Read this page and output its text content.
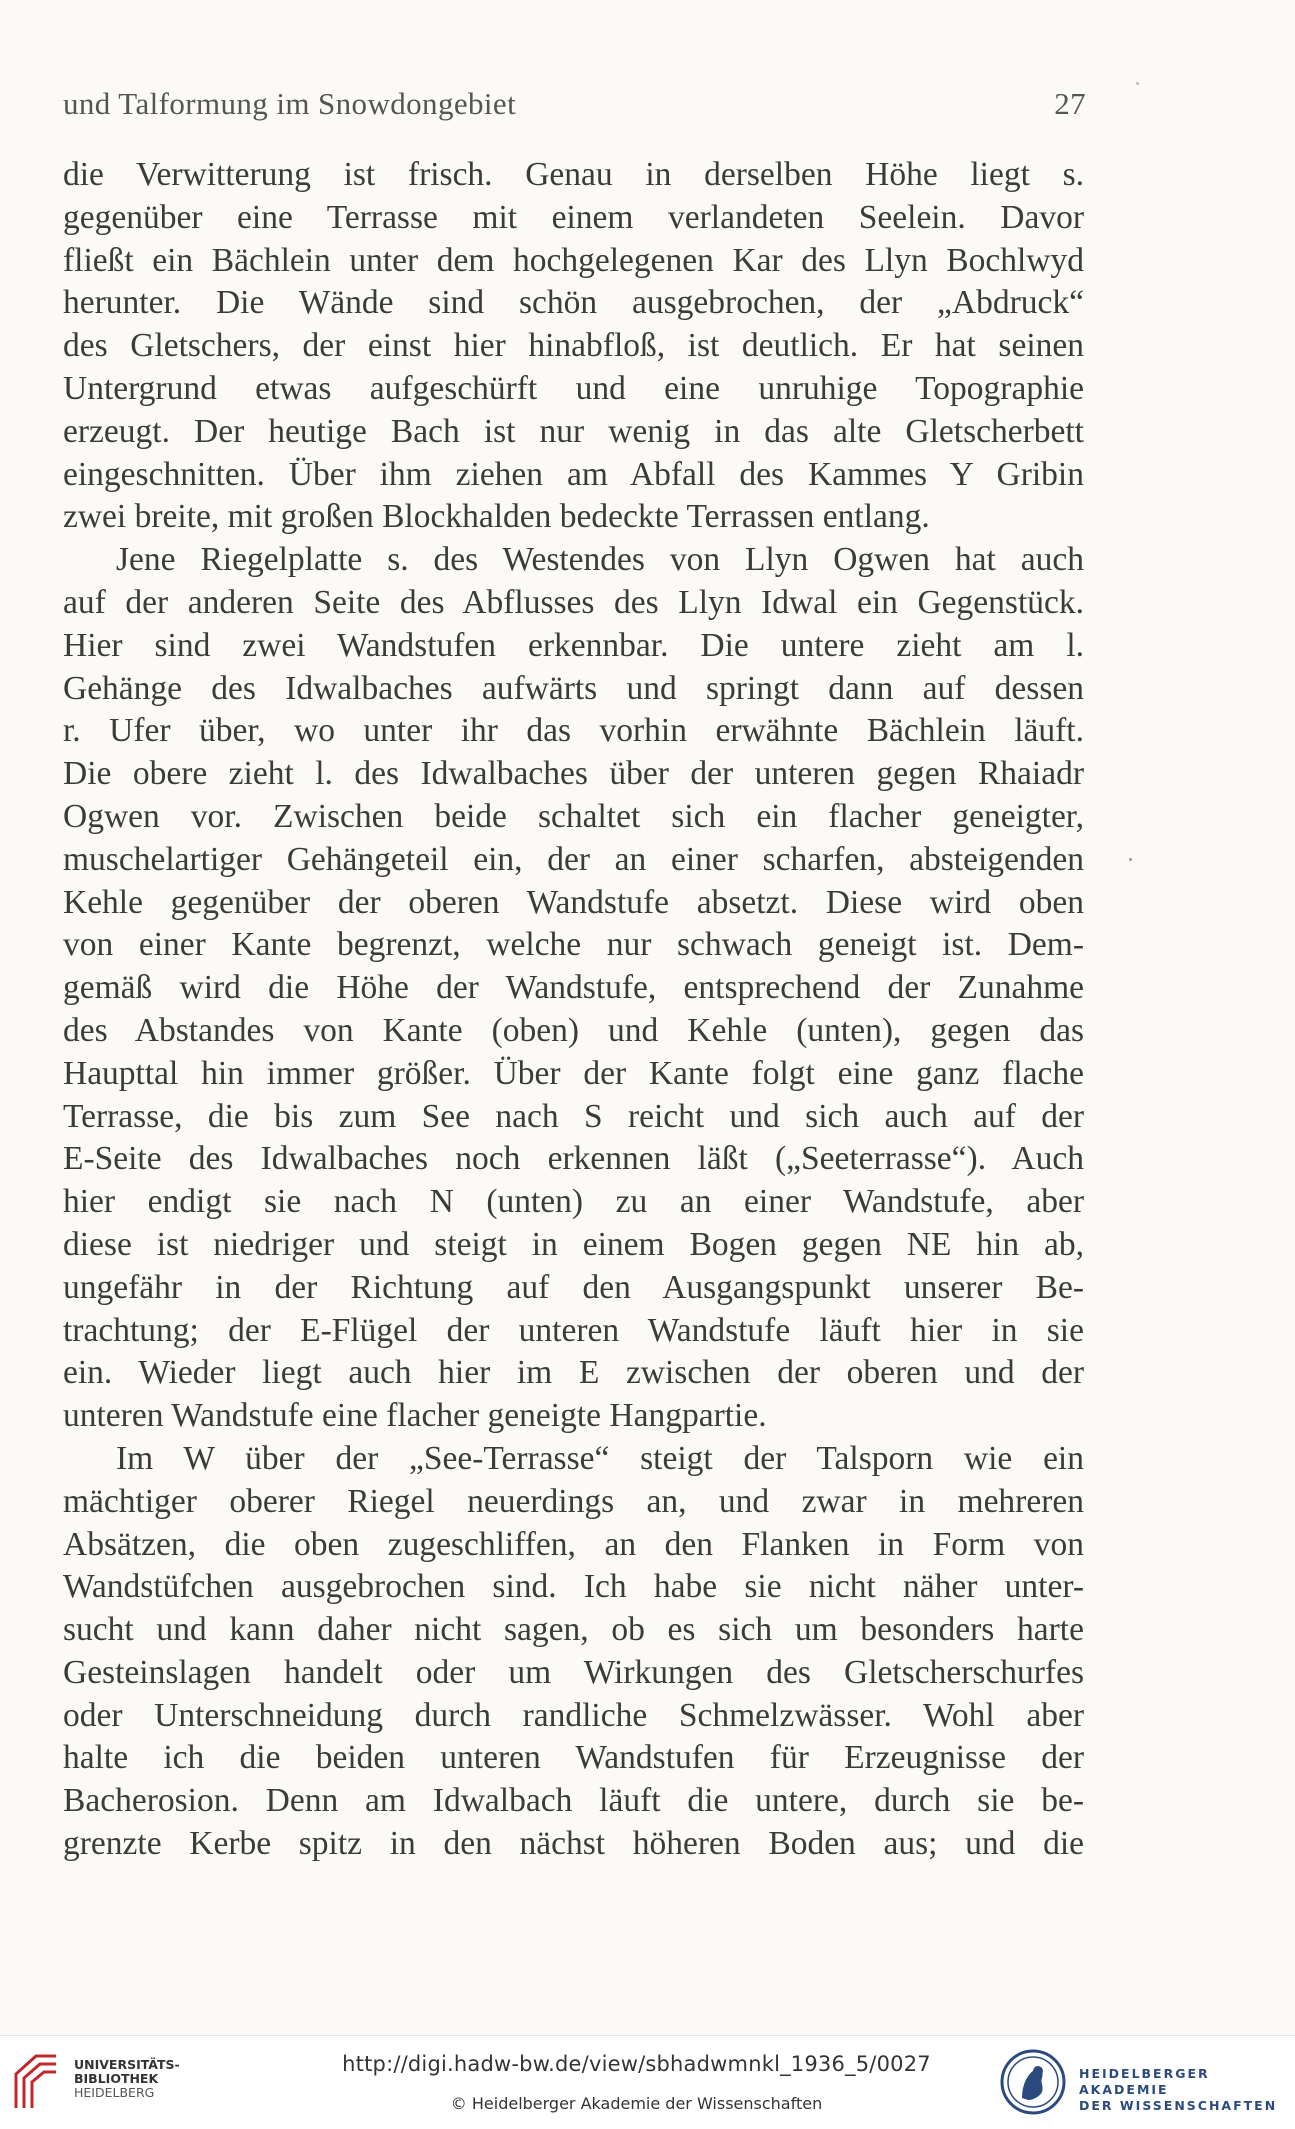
und Talformung im Snowdongebiet	27
die Verwitterung ist frisch. Genau in derselben Höhe liegt s.
gegenüber eine Terrasse mit einem verlandeten Seelein. Davor
fließt ein Bächlein unter dem hochgelegenen Kar des Llyn Bochlwyd
herunter. Die Wände sind schön ausgebrochen, der „Abdruck“
des Gletschers, der einst hier hinabfloß, ist deutlich. Er hat seinen
Untergrund etwas aufgeschürft und eine unruhige Topographie
erzeugt. Der heutige Bach ist nur wenig in das alte Gletscherbett
eingeschnitten. Über ihm ziehen am Abfall des Kammes Y Gribin
zwei breite, mit großen Blockhalden bedeckte Terrassen entlang.
Jene Riegelplatte s. des Westendes von Llyn Ogwen hat auch
auf der anderen Seite des Abflusses des Llyn Idwal ein Gegenstück.
Hier sind zwei Wandstufen erkennbar. Die untere zieht am l.
Gehänge des Idwalbaches aufwärts und springt dann auf dessen
r. Ufer über, wo unter ihr das vorhin erwähnte Bächlein läuft.
Die obere zieht l. des Idwalbaches über der unteren gegen Rhaiadr
Ogwen vor. Zwischen beide schaltet sich ein flacher geneigter,
muschelartiger Gehängeteil ein, der an einer scharfen, absteigenden
Kehle gegenüber der oberen Wandstufe absetzt. Diese wird oben
von einer Kante begrenzt, welche nur schwach geneigt ist. Dem-
gemäß wird die Höhe der Wandstufe, entsprechend der Zunahme
des Abstandes von Kante (oben) und Kehle (unten), gegen das
Haupttal hin immer größer. Über der Kante folgt eine ganz flache
Terrasse, die bis zum See nach S reicht und sich auch auf der
E-Seite des Idwalbaches noch erkennen läßt („Seeterrasse“). Auch
hier endigt sie nach N (unten) zu an einer Wandstufe, aber
diese ist niedriger und steigt in einem Bogen gegen NE hin ab,
ungefähr in der Richtung auf den Ausgangspunkt unserer Be-
trachtung; der E-Flügel der unteren Wandstufe läuft hier in sie
ein. Wieder liegt auch hier im E zwischen der oberen und der
unteren Wandstufe eine flacher geneigte Hangpartie.
Im W über der „See-Terrasse“ steigt der Talsporn wie ein
mächtiger oberer Riegel neuerdings an, und zwar in mehreren
Absätzen, die oben zugeschliffen, an den Flanken in Form von
Wandstüfchen ausgebrochen sind. Ich habe sie nicht näher unter-
sucht und kann daher nicht sagen, ob es sich um besonders harte
Gesteinslagen handelt oder um Wirkungen des Gletscherschurfes
oder Unterschneidung durch randliche Schmelzwässer. Wohl aber
halte ich die beiden unteren Wandstufen für Erzeugnisse der
Bacherosion. Denn am Idwalbach läuft die untere, durch sie be-
grenzte Kerbe spitz in den nächst höheren Boden aus; und die
UNIVERSITÄTS-
BIBLIOTHEK
HEIDELBERG
http://digi.hadw-bw.de/view/sbhadwmnkl_1936_5/0027
© Heidelberger Akademie der Wissenschaften
HEIDELBERGER AKADEMIE
DER WISSENSCHAFTEN
